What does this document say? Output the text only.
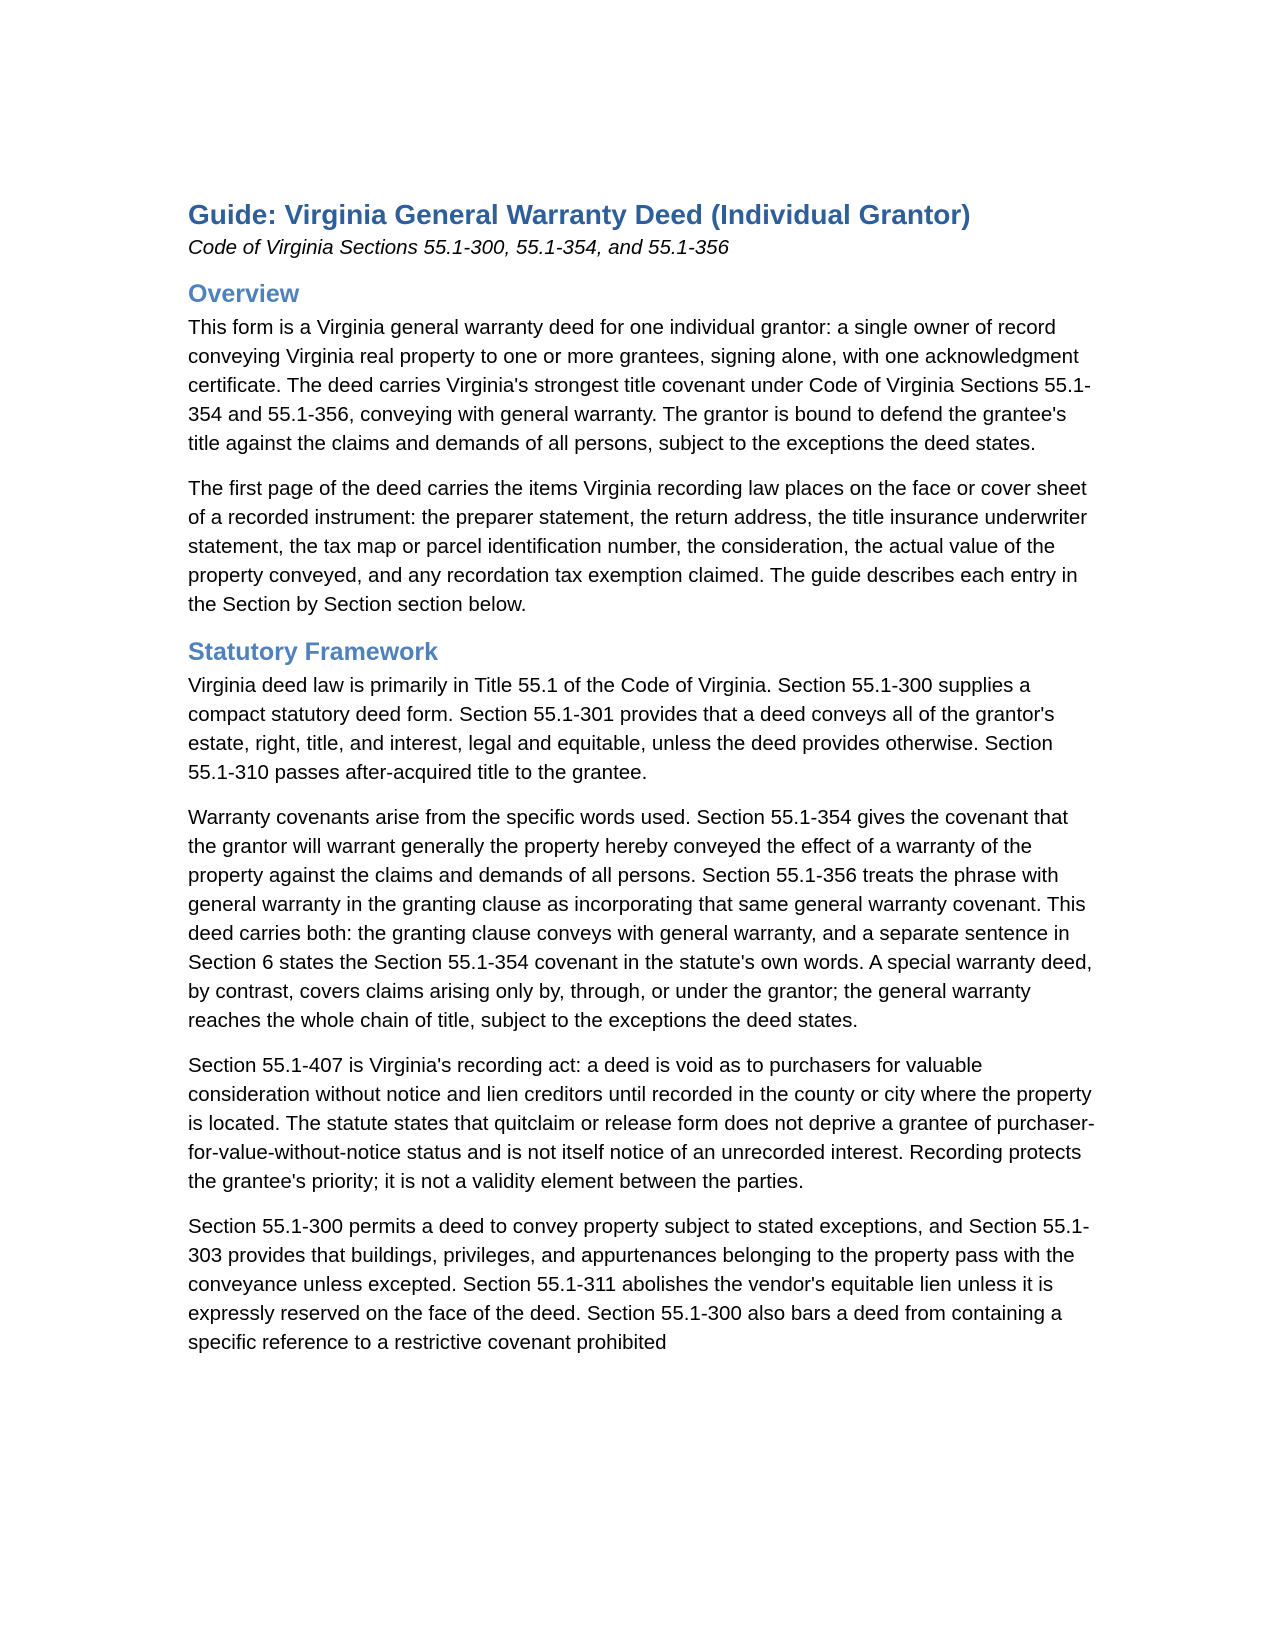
Guide: Virginia General Warranty Deed (Individual Grantor)

Code of Virginia Sections 55.1-300, 55.1-354, and 55.1-356

Overview

This form is a Virginia general warranty deed for one individual grantor: a single owner of record conveying Virginia real property to one or more grantees, signing alone, with one acknowledgment certificate. The deed carries Virginia's strongest title covenant under Code of Virginia Sections 55.1-354 and 55.1-356, conveying with general warranty. The grantor is bound to defend the grantee's title against the claims and demands of all persons, subject to the exceptions the deed states.

The first page of the deed carries the items Virginia recording law places on the face or cover sheet of a recorded instrument: the preparer statement, the return address, the title insurance underwriter statement, the tax map or parcel identification number, the consideration, the actual value of the property conveyed, and any recordation tax exemption claimed. The guide describes each entry in the Section by Section section below.

Statutory Framework

Virginia deed law is primarily in Title 55.1 of the Code of Virginia. Section 55.1-300 supplies a compact statutory deed form. Section 55.1-301 provides that a deed conveys all of the grantor's estate, right, title, and interest, legal and equitable, unless the deed provides otherwise. Section 55.1-310 passes after-acquired title to the grantee.

Warranty covenants arise from the specific words used. Section 55.1-354 gives the covenant that the grantor will warrant generally the property hereby conveyed the effect of a warranty of the property against the claims and demands of all persons. Section 55.1-356 treats the phrase with general warranty in the granting clause as incorporating that same general warranty covenant. This deed carries both: the granting clause conveys with general warranty, and a separate sentence in Section 6 states the Section 55.1-354 covenant in the statute's own words. A special warranty deed, by contrast, covers claims arising only by, through, or under the grantor; the general warranty reaches the whole chain of title, subject to the exceptions the deed states.

Section 55.1-407 is Virginia's recording act: a deed is void as to purchasers for valuable consideration without notice and lien creditors until recorded in the county or city where the property is located. The statute states that quitclaim or release form does not deprive a grantee of purchaser-for-value-without-notice status and is not itself notice of an unrecorded interest. Recording protects the grantee's priority; it is not a validity element between the parties.

Section 55.1-300 permits a deed to convey property subject to stated exceptions, and Section 55.1-303 provides that buildings, privileges, and appurtenances belonging to the property pass with the conveyance unless excepted. Section 55.1-311 abolishes the vendor's equitable lien unless it is expressly reserved on the face of the deed. Section 55.1-300 also bars a deed from containing a specific reference to a restrictive covenant prohibited
